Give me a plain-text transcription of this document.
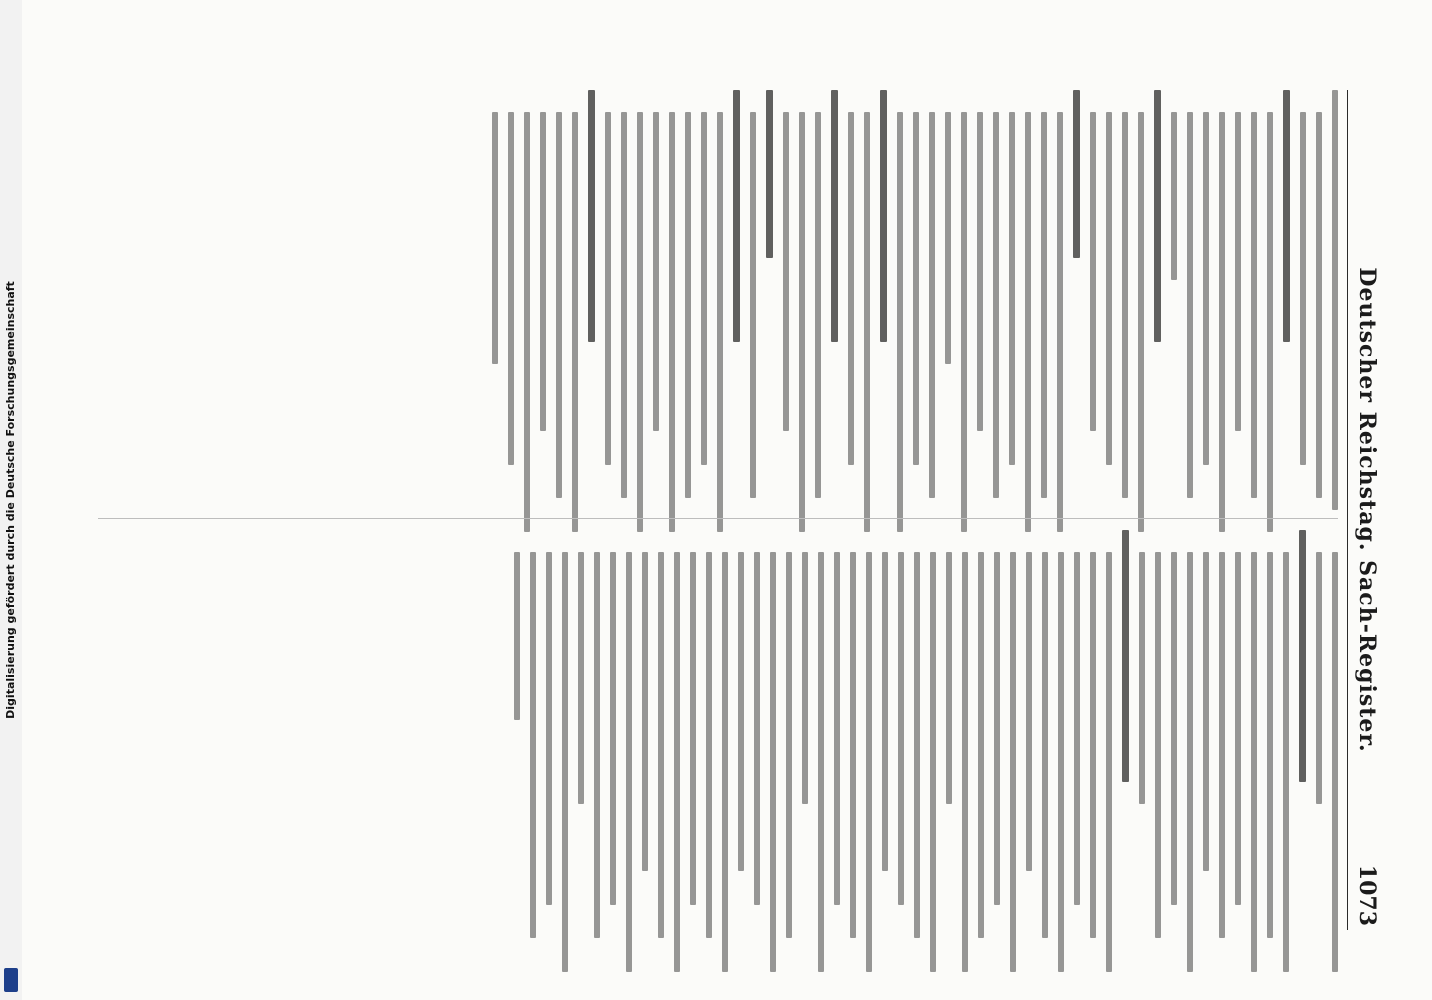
Digitalisierung gefördert durch die Deutsche Forschungsgemeinschaft	Deutscher Reichstag. Sach-Register.
1073
